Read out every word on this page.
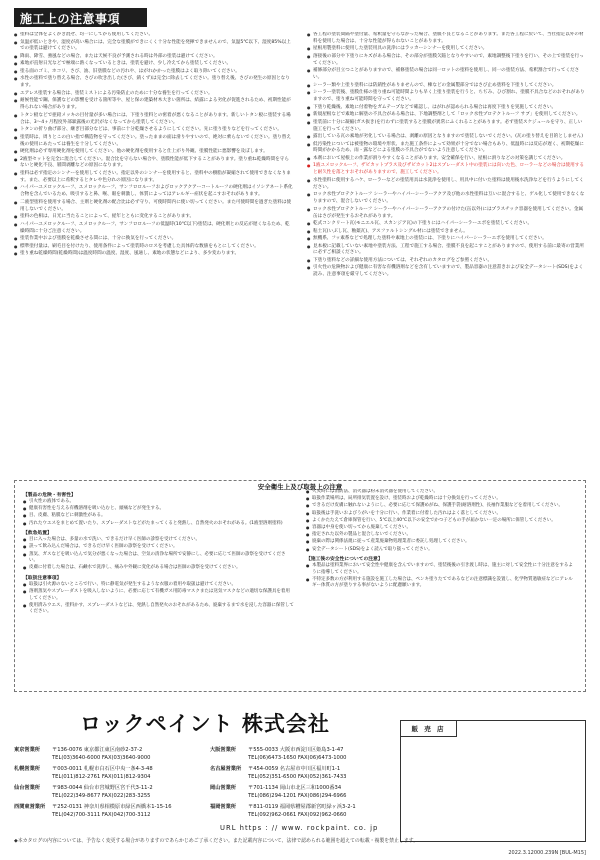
施工上の注意事項
● 塗料は全体をよくかき混ぜ、均一にしてから使用してください。
● 気温が低いときや、湿度が高い場合には、完全な塗膜ができにくく十分な性能を発揮できませんので、気温5℃以下、湿度85%以上での塗装は避けてください。
● 降雨、降雪、強風などの場合、または天候不良が予測される時は外部の塗装は避けてください。
● 素地が直射日光などで極端に熱くなっているときは、塗装を避け、少し冷えてから塗装してください。
● 塗る面のゴミ、ホコリ、さび、油、旧塗膜などの汚れや、はがれかかった塗膜はよく取り除いてください。
● 水性の塗料で塗り替える場合、さびの吹き出した(さび、錆くず)は完全に除去してください。塗り替え後、さびの発生の原因となります。
● エアレス塗装する場合は、塗装ミストによる汚染防止のために十分な養生を行ってください。
● 耐候性能で鋼、保護などの影響を受ける箇所等や、屋と保の建築材木大きい箇所は、結露による劣化が促進されるため、初期性能が得られない場合があります。
● トタン板などで亜鉛メッキの目付量が多い場合には、下塗り塗料との密着が悪くなることがあります。新しいトタン板に塗装する場合は、3〜4ヶ月程度外部暴露後の光沢がなくなってから塗装してください。
● トタンの折り曲げ部分、継ぎ目部分などは、事前に十分乾燥させるようにしてください。先に塗り塗りなどを行ってください。
● 塗装時は、周りとこの白い指で構造物を守ってください。塗ったままの面は滑りやすいので、絶対に乗らないでください。塗り替え後の使用にあたっては養生を十分してください。
● 硬化剤は必ず専用硬化剤を使用してください。他の硬化剤を使用すると仕上がり外観、塗膜性能に悪影響を及ぼします。
● 2液型セットを完全に混合してください。混合比を守らない場合や、塗膜性能が低下することがあります。塗り重ね乾燥時間を守らないと硬化不良、層間剥離などの原因になります。
● 塗料は必ず指定のシンナーを使用してください。指定以外のシンナーを使用すると、塗料中の樹脂が凝縮されて使用できなくなります。また、必要以上に希釈するとタレや色分れの原因になります。
● ハイパーユメロックルーフ、ユメロックルーフ、サンフロロルーフおよびロックアクアーコートルーフの硬化剤はイソシアネート系化合物を含んでいるため、吸引すると鼻、喉、眼を刺激し、体質によってはアレルギー症状を起こすおそれがあります。
● 二液型塗料を使用する場合、主剤と硬化剤の配合比は必ず守り、可使時間内に使い切ってください。また可使時間を過ぎた塗料は使用しないでください。
● 塗料の色相は、日光に当たることによって、経年とともに変化することがあります。
● ハイパーユメロックルーフ、ユメロックルーフ、サンフロロルーフの低温時(10℃以下)塗装は、硬化剤との反応が遅くなるため、乾燥時間に十分ご注意ください。
● 塗装作業中および塗膜を乾燥させる間には、十分に換気を行ってください。
● 標準塗付量は、刷毛目を付けたり、使用条件によって塗装時のロスを考慮した具体的な数値をもとにしてください。
● 塗り重ね乾燥時間(乾燥時間)は温度時間の温度、湿度、風通し、素地の状態などにより、多少変わります。
● 各工程の塗装間隔や塗付量、希釈量を守らなかった場合、塗膜不良となることがあります。また各工程に於いて、当社指定以外の材料を使用した場合は、十分な性能が得られないことがあります。
● 屋根用製塗料に使用した塗装用具の洗浄にはラッカーシンナーを使用してください。
● 溶接後の部分や下塗りにキズがある場合は、その部分が塗膜欠陥となりやすいので、素地調整後下塗りを行い、その上で塗装を行ってください。
● 補修部分が目立つことがありますので、補修塗装の場合は同一ロットの塗料を使用し、同一の塗装方法、希釈割合で行ってください。
● シーラー類や上塗り塗料には防錆性がありませんので、棟などの金属製部分ではさび止め塗料を下塗りしてください。
● シーラー塗装後、塗膜仕様の塗り重ね可能時間よりも早く上塗り塗装を行うと、ちぢみ、ひび割れ、塗膜不具合などのおそれがありますので、塗り重ね可能時間を守ってください。
● 下塗り乾燥後、素地に付着物をガムテープなどで確認し、はがれが認められる場合は再度下塗りを実施してください。
● 新規屋根などで素地に解塗の不具合がある場合は、下地調整剤として「ロック水性プロテクトルーフ サブ」を使用してください。
● 塗装前に十分に凝縮(ガス抜き)を行わずに塗装すると塗膜が異常にふくれることがあります。必ず塗装スケジュールを守り、正しい施工を行ってください。
● 露出している瓦の素地が劣化している場合は、剥離の原因となりますので塗装しないでください。(瓦の塗り替えを目的としません)
● 低汚染性については被塗物の環境や形状、また施工条件によって効果が十分でない場合もあり、低温時には反応が遅く、初期乾燥に時間がかかるため、雨・露などによる塗膜の不具合がでないよう注意してください。
● 本剤において屋根上の作業が滑りやすくなることがあります。安全確保を行い、屋根に滑りなどの対策を講じてください。
● 1液ユメロックルーフ、ザビカットプラス及びザビカット2はスプレーダスト中の塗装には向いた色、ローラーなどの場合は使用すると耐久性を落とすおそれがありますので、施工してください。
● 水性塗料に使用するハケ、ローラーなどの塗装用具は水洗浄を使用し、用具中に付いた塗料は使用後水洗浄などを行うようにしてください。
● ロック水性プロテクトルーフ シーラーやハイパーシーラーアクア及び他の水性塗料は互いに混合すると、ゲル化して使用できなくなりますので、混合しないでください。
● ロック水性プロテクトルーフ シーラーやハイパーシーラーアクアの付けた(缶以外)にはプラスチック容器を使用してください。金属缶はさびが発生するおそれがあります。
● 乾式コンクリート瓦(モニエル瓦、スカンジア瓦)の下塗りにはハイパーシーラーエポを塗装してください。
● 粘土瓦(いぶし瓦、釉薬瓦)、アスファルトシングル材には塗装できません。
● 無機系、フッ素系などで処理した塗料や素地上の塗装には、下塗りにハイパーシーラーエポを使用してください。
● 見本板に記載していない素地や塗装方法、工程で施工する場合、塗膜不良を起こすことがありますので、使用する前に最寄の営業所に必ずご相談ください。
● 下塗り塗料などの詳細な使用方法については、それぞれのカタログをご参照ください。
● 引火性の危険物および健康に有害な有機溶剤などを含有していますので、製品容器の注意書きおよび安全データシート(SDS)をよく読み、注意事項を厳守してください。
安全衛生上及び取扱上の注意
【製品の危険・有害性】
● 引火性の液体である。
● 健康有害性を与える有機溶剤を吸い込むと、頭痛などが発生する。
● 目、皮膚、粘膜などに刺激性がある。
● 汚れたウエスをまとめて置いたり、スプレーダストなどがたまってくると発熱し、自然発火のおそれがある。(1液型溶剤塗料)
【救急処置】
● 目に入った場合は、多量の水で洗い、できるだけ早く医師の診察を受けてください。
● 誤って飲み込んだ場合は、できるだけ早く医師の診察を受けてください。
● 蒸気、ガスなどを吸い込んで気分が悪くなった場合は、空気の清浄な場所で安静にし、必要に応じて医師の診察を受けてください。
● 皮膚に付着した場合は、石鹸水で洗浄し、痛みや外観に変化がある場合は医師の診察を受けてください。
【取扱注意事項】
● 取扱は引火源のないところで行い、特に静電気が発生するような衣服の着用や取扱は避けてください。
● 溶剤蒸気やスプレーダストを吸入しないように、必要に応じて有機ガス用防毒マスクまたは送気マスクなどの適切な保護具を着用してください。
● 使用済みウエス、塗料かす、スプレーダストなどは、発熱し自然発火のおそれがあるため、廃棄するまで水を浸した容器に保管してください。
● 火災時には消防法、消火器は粉末消火器を使用してください。
● 取扱作業場所は、局所排気装置を設け、塗装時および乾燥時には十分換気を行ってください。
● できるだけ皮膚に触れないようにし、必要に応じて保護めがね、保護手袋(耐溶剤性)、長袖作業服などを着用してください。
● 取扱後は手洗いおよびうがいを十分に行い、作業着に付着した汚れはよく落としてください。
● よくかたたえて倉庫保管を行い、5℃以上40℃以下の安全でかつ子どもの手が届かない一定の場所に保管してください。
● 容器は中身を使い切ってから廃棄してください。
● 指定された以外の製品と混合しないでください。
● 廃棄の際は関係法規に従って産業廃棄物処理業者に委託し処理してください。
● 安全データシート(SDS)をよく読んで取り扱ってください。
【施工後の安全性についての注意】
● 本製品は塗料業界において安全性や健康を含んでいますので、塗装後後の引き渡し時は、施主に対して安全性に十分注意をするように指導してください。
● 不特定多数の方が利用する施設を施工した場合は、ペンキ塗りたてであるなどの注意標識を設置し、化学物質過敏症などにアレルギー体質の方が塗りする事がないように配慮願います。
ロックペイント 株式会社
東京営業所	〒136-0076 東京都江東区南砂2-37-2	大阪営業所	〒555-0033 大阪市西淀川区姫島3-1-47
TEL(03)3640-6000 FAX(03)3640-9000	TEL(06)6473-1650 FAX(06)6473-1000
札幌営業所	〒003-0011 札幌市白石区中央一条4-3-48	名古屋営業所	〒454-0059 名古屋市中川区福川町1-1
TEL(011)812-2761 FAX(011)812-9304	TEL(052)351-6500 FAX(052)361-7433
仙台営業所	〒983-0044 仙台市宮城野区宮千代3-11-2	岡山営業所	〒701-1134 岡山市北区三和1000番34
TEL(022)349-8677 FAX(022)283-3255	TEL(086)294-1201 FAX(086)294-6966
西関東営業所	〒252-0131 神奈川県相模原市緑区西橋本1-15-16	福岡営業所	〒811-0119 福岡県糟屋郡新宮町緑ヶ浜3-2-1
TEL(042)700-3111 FAX(042)700-3112	TEL(092)962-0661 FAX(092)962-0660
販 売 店
URL https : // www. rockpaint. co. jp
◆本カタログの内容については、予告なく変更する場合がありますのであらかじめご了承ください。また記載内容について、法律で認められる範囲を超えての転載・複製を禁止します。
2022.3.12000.239N [BUL-M15]
